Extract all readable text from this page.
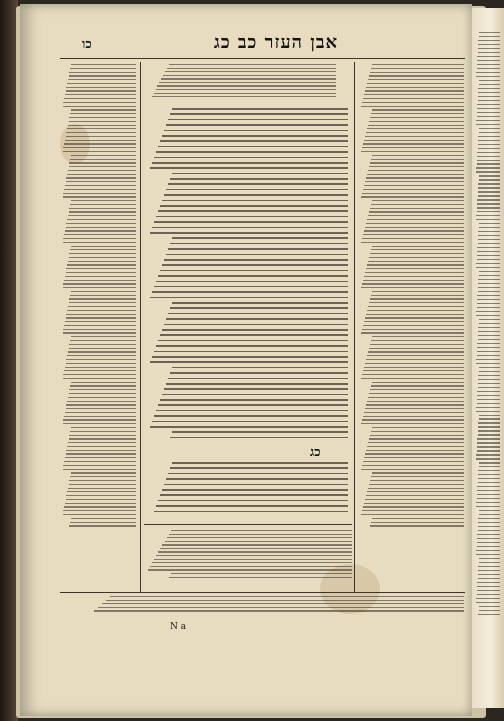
כו	אבן העזר כב כג
כג
N a
